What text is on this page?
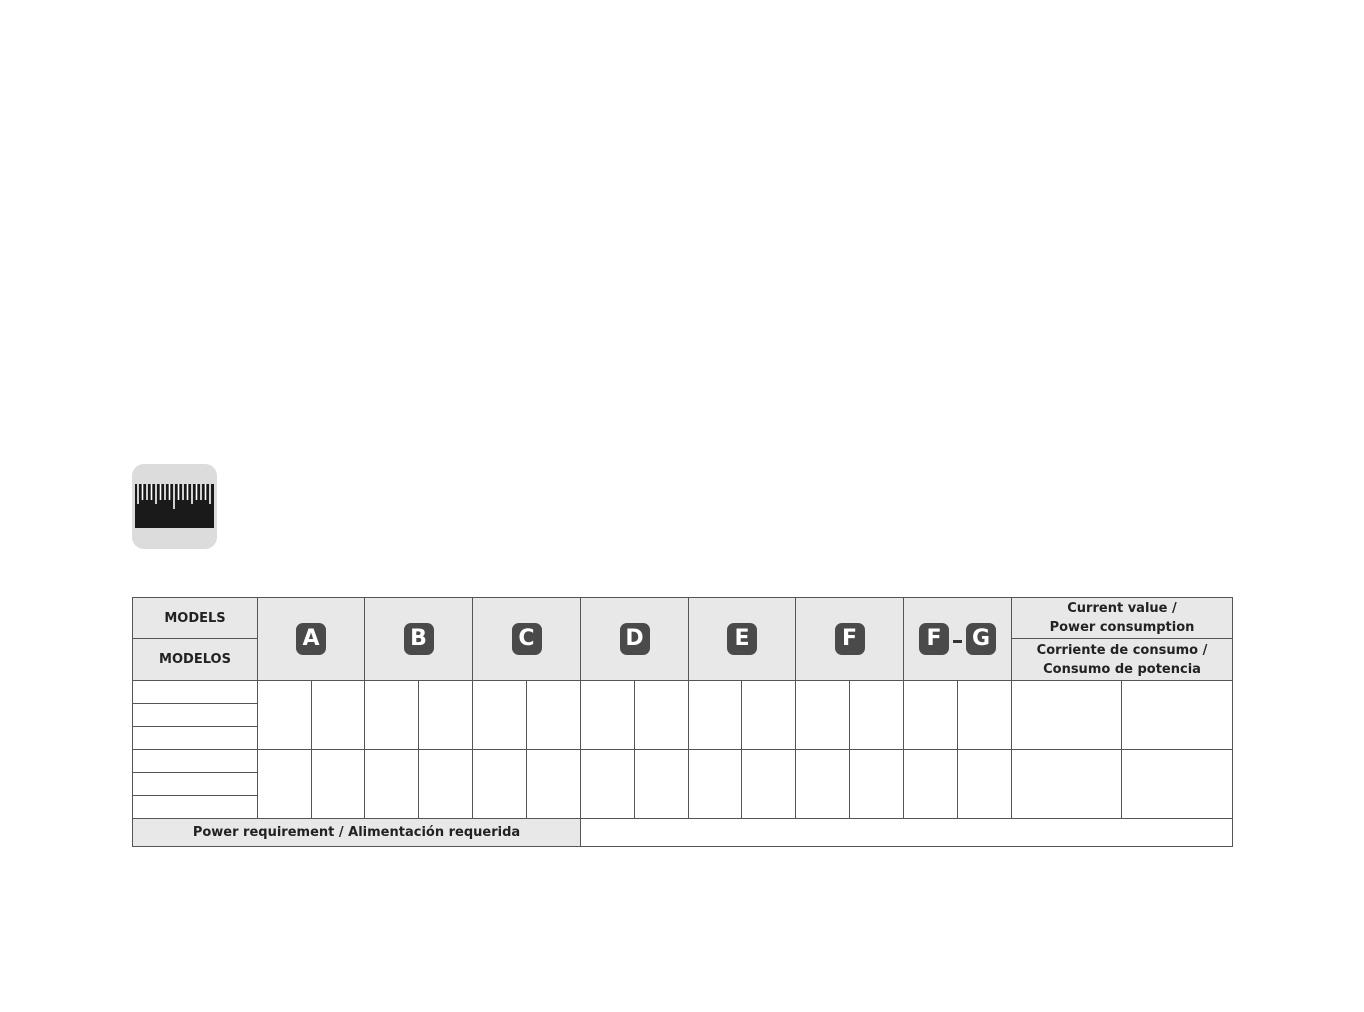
MODELS	A		B		C		D		E		F		F G		Current value /
Power consumption	

MODELOS															Corriente de consumo /
Consumo de potencia	

Power requirement / Alimentación requerida																
